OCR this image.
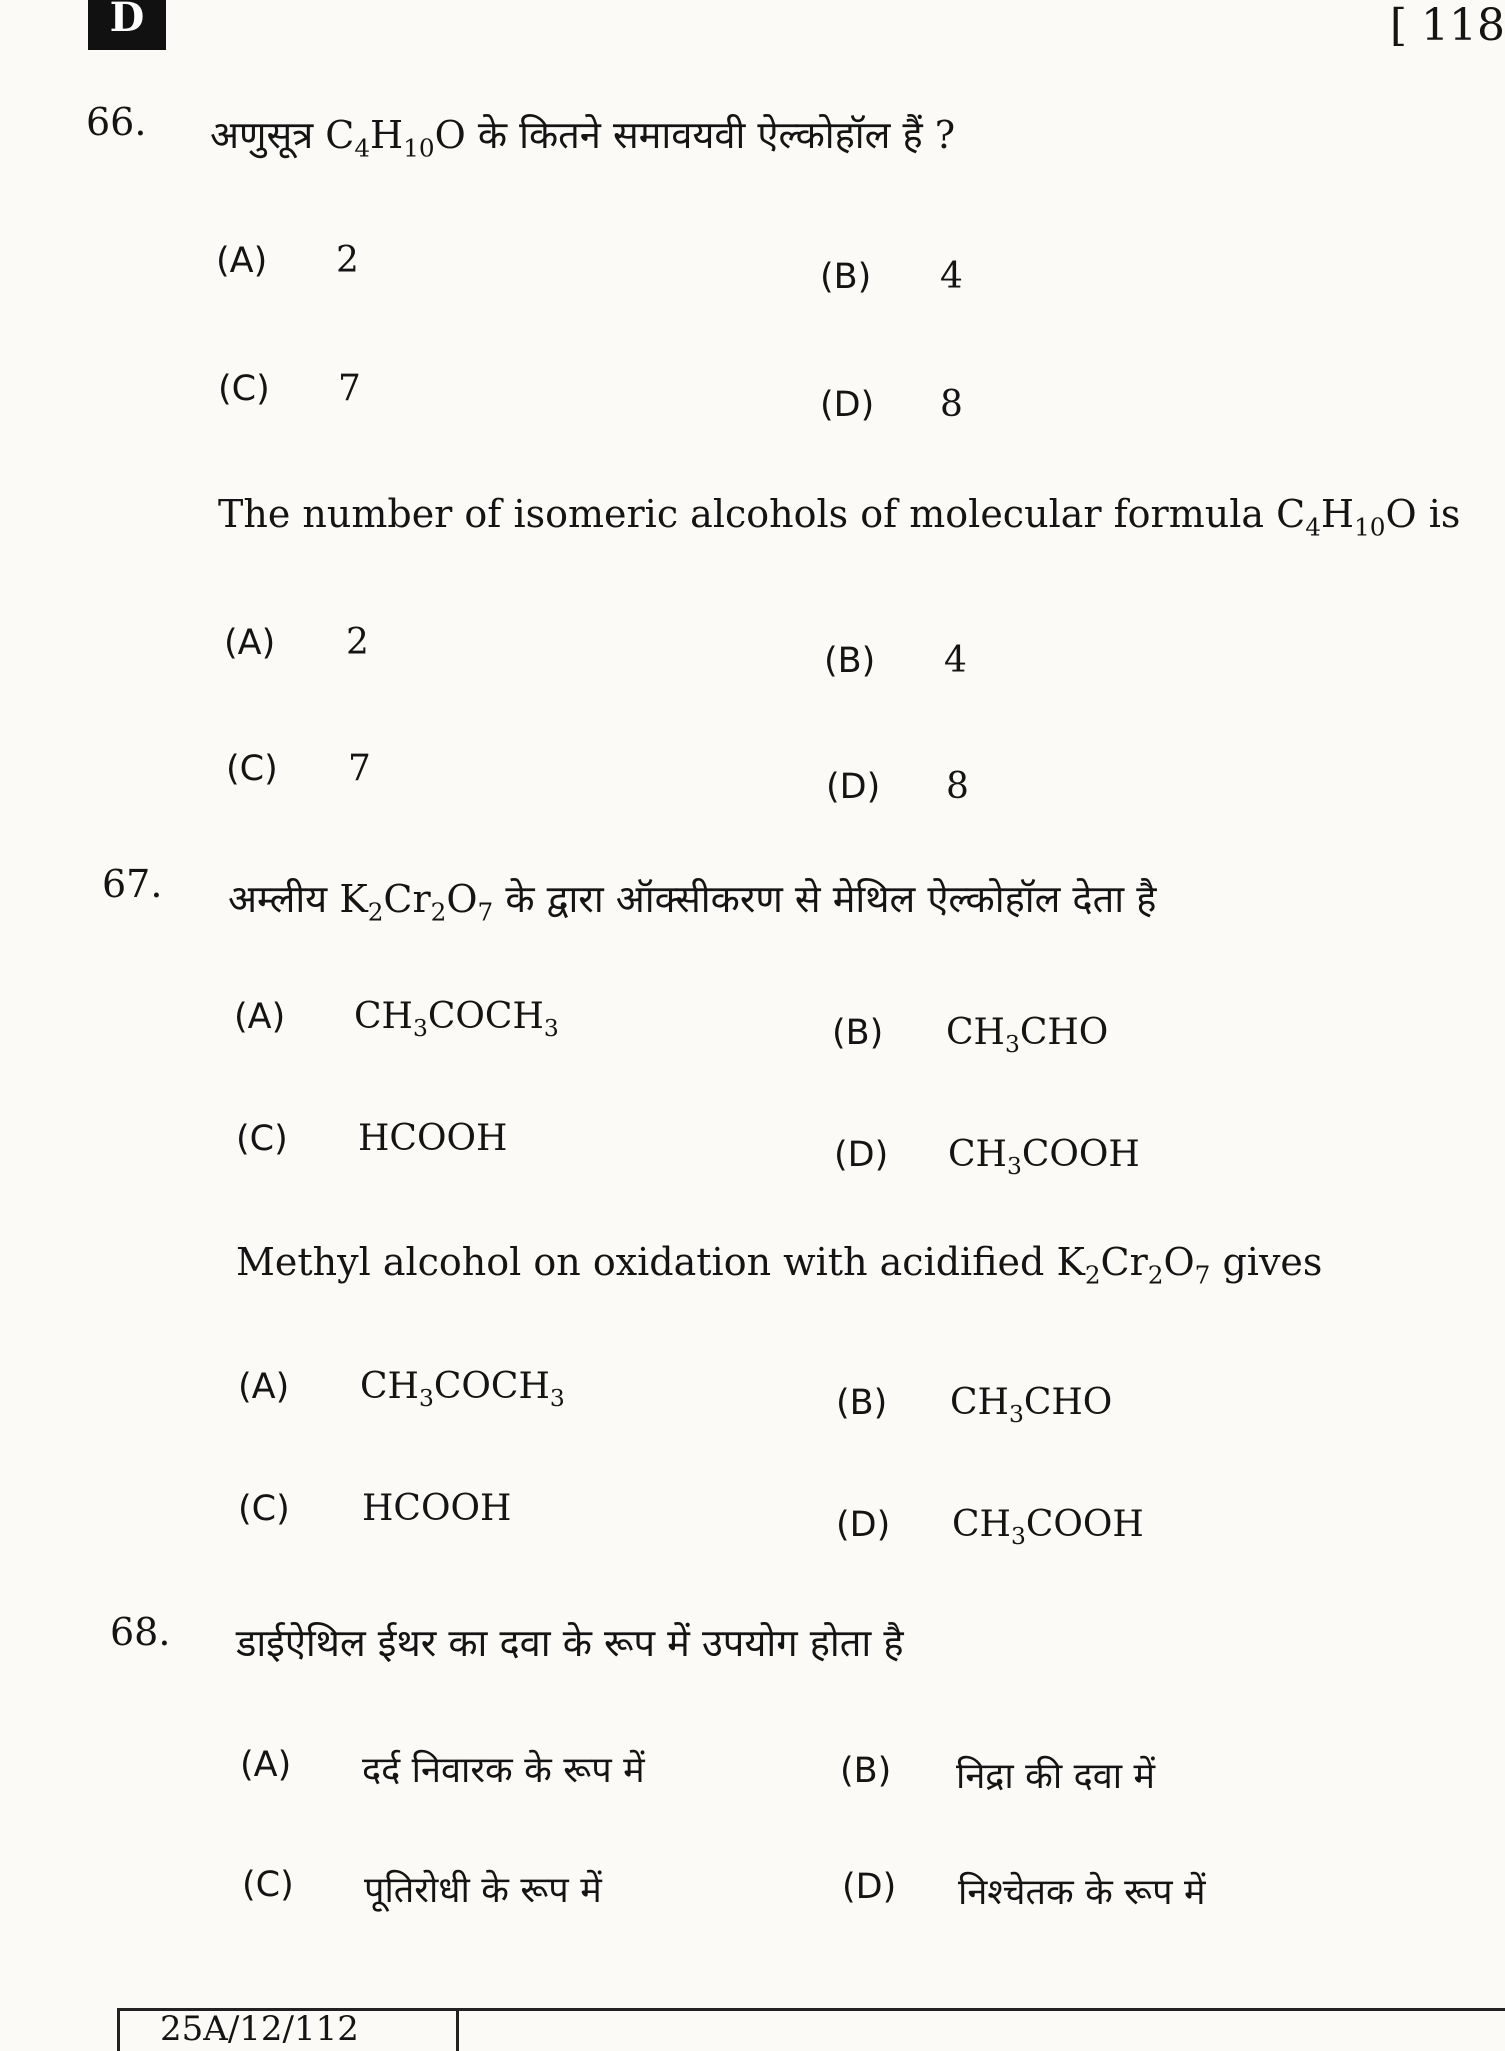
D	[ 118
66. अणुसूत्र $C_4H_{10}O$ के कितने समावयवी ऐल्कोहॉल हैं ?
(A) 2	(B) 4
(C) 7	(D) 8
The number of isomeric alcohols of molecular formula $C_4H_{10}O$ is
(A) 2	(B) 4
(C) 7	(D) 8
67. अम्लीय $K_2Cr_2O_7$ के द्वारा ऑक्सीकरण से मेथिल ऐल्कोहॉल देता है
(A) $CH_3COCH_3$	(B) $CH_3CHO$
(C) HCOOH	(D) $CH_3COOH$
Methyl alcohol on oxidation with acidified $K_2Cr_2O_7$ gives
(A) $CH_3COCH_3$	(B) $CH_3CHO$
(C) HCOOH	(D) $CH_3COOH$
68. डाईऐथिल ईथर का दवा के रूप में उपयोग होता है
(A) दर्द निवारक के रूप में	(B) निद्रा की दवा में
(C) पूतिरोधी के रूप में	(D) निश्चेतक के रूप में
25A/12/112
